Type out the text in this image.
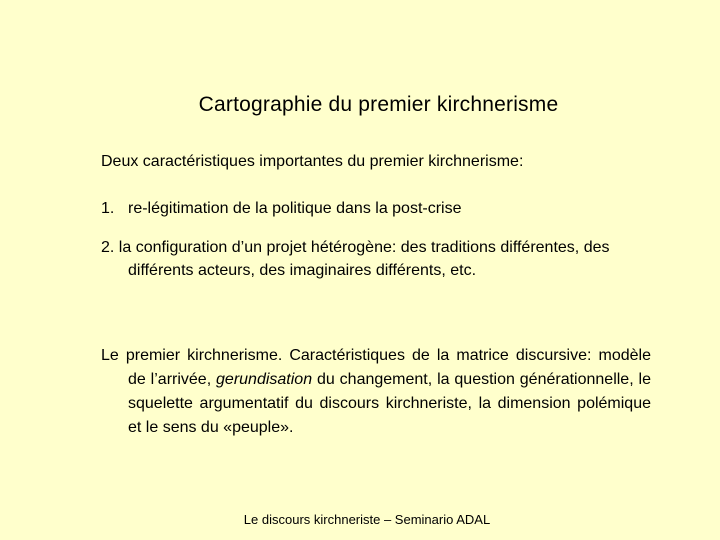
Cartographie du premier kirchnerisme
Deux caractéristiques importantes du premier kirchnerisme:
1. re-légitimation de la politique dans la post-crise
2. la configuration d’un projet hétérogène: des traditions différentes, des différents acteurs, des imaginaires différents, etc.
Le premier kirchnerisme. Caractéristiques de la matrice discursive: modèle de l’arrivée, gerundisation du changement, la question générationnelle, le squelette argumentatif du discours kirchneriste, la dimension polémique et le sens du «peuple».
Le discours kirchneriste – Seminario ADAL
